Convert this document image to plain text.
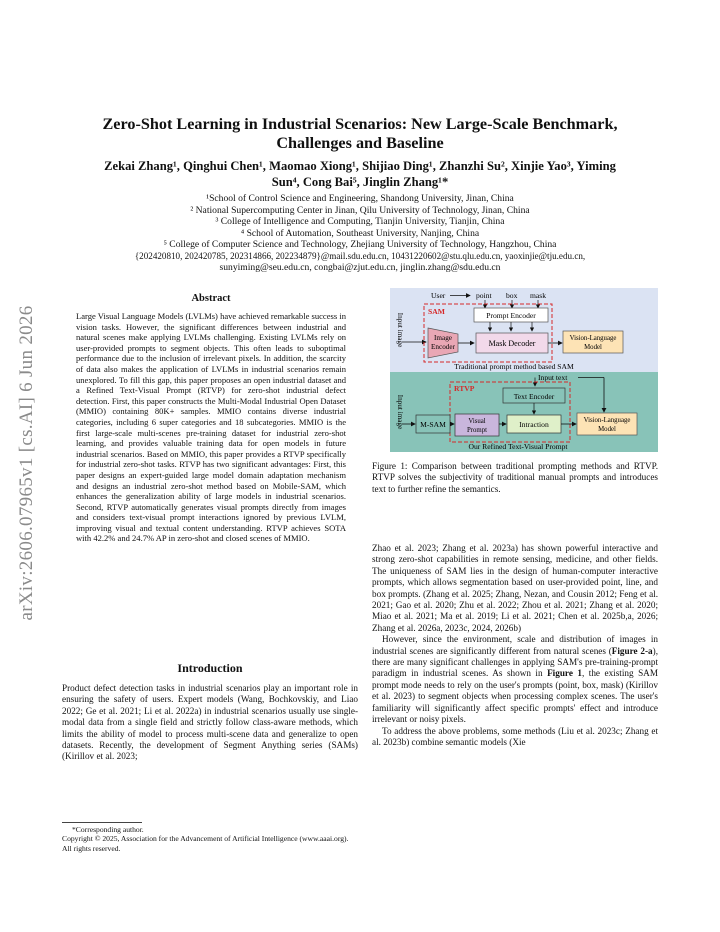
arXiv:2606.07965v1 [cs.AI] 6 Jun 2026
Zero-Shot Learning in Industrial Scenarios: New Large-Scale Benchmark,
Challenges and Baseline
Zekai Zhang¹, Qinghui Chen¹, Maomao Xiong¹, Shijiao Ding¹, Zhanzhi Su², Xinjie Yao³, Yiming
Sun⁴, Cong Bai⁵, Jinglin Zhang¹*
¹School of Control Science and Engineering, Shandong University, Jinan, China
² National Supercomputing Center in Jinan, Qilu University of Technology, Jinan, China
³ College of Intelligence and Computing, Tianjin University, Tianjin, China
⁴ School of Automation, Southeast University, Nanjing, China
⁵ College of Computer Science and Technology, Zhejiang University of Technology, Hangzhou, China
{202420810, 202420785, 202314866, 202234879}@mail.sdu.edu.cn, 10431220602@stu.qlu.edu.cn, yaoxinjie@tju.edu.cn,
sunyiming@seu.edu.cn, congbai@zjut.edu.cn, jinglin.zhang@sdu.edu.cn
Abstract
Large Visual Language Models (LVLMs) have achieved remarkable success in vision tasks. However, the significant differences between industrial and natural scenes make applying LVLMs challenging. Existing LVLMs rely on user-provided prompts to segment objects. This often leads to suboptimal performance due to the inclusion of irrelevant pixels. In addition, the scarcity of data also makes the application of LVLMs in industrial scenarios remain unexplored. To fill this gap, this paper proposes an open industrial dataset and a Refined Text-Visual Prompt (RTVP) for zero-shot industrial defect detection. First, this paper constructs the Multi-Modal Industrial Open Dataset (MMIO) containing 80K+ samples. MMIO contains diverse industrial categories, including 6 super categories and 18 subcategories. MMIO is the first large-scale multi-scenes pre-training dataset for industrial zero-shot learning, and provides valuable training data for open models in future industrial scenarios. Based on MMIO, this paper provides a RTVP specifically for industrial zero-shot tasks. RTVP has two significant advantages: First, this paper designs an expert-guided large model domain adaptation mechanism and designs an industrial zero-shot method based on Mobile-SAM, which enhances the generalization ability of large models in industrial scenarios. Second, RTVP automatically generates visual prompts directly from images and considers text-visual prompt interactions ignored by previous LVLM, improving visual and textual content understanding. RTVP achieves SOTA with 42.2% and 24.7% AP in zero-shot and closed scenes of MMIO.
Introduction

Product defect detection tasks in industrial scenarios play an important role in ensuring the safety of users. Expert models (Wang, Bochkovskiy, and Liao 2022; Ge et al. 2021; Li et al. 2022a) in industrial scenarios usually use single-modal data from a single field and strictly follow class-aware methods, which limits the ability of model to process multi-scene data and generalize to open datasets. Recently, the development of Segment Anything series (SAMs) (Kirillov et al. 2023;

*Corresponding author.
Copyright © 2025, Association for the Advancement of Artificial Intelligence (www.aaai.org). All rights reserved.
Input image
User	point box mask
SAM	Prompt Encoder
Image
Encoder	Mask Decoder
Vision-Language
Model
Traditional prompt method based SAM
Input image
Input text
RTVP
Text Encoder
M-SAM	Visual
Prompt
Intraction	Vision-Language
Model
Our Refined Text-Visual Prompt
Figure 1: Comparison between traditional prompting methods and RTVP. RTVP solves the subjectivity of traditional manual prompts and introduces text to further refine the semantics.

Zhao et al. 2023; Zhang et al. 2023a) has shown powerful interactive and strong zero-shot capabilities in remote sensing, medicine, and other fields. The uniqueness of SAM lies in the design of human-computer interactive prompts, which allows segmentation based on user-provided point, line, and box prompts. (Zhang et al. 2025; Zhang, Nezan, and Cousin 2012; Feng et al. 2021; Gao et al. 2020; Zhu et al. 2022; Zhou et al. 2021; Zhang et al. 2020; Miao et al. 2021; Ma et al. 2019; Li et al. 2021; Chen et al. 2025b,a, 2026; Zhang et al. 2026a, 2023c, 2024, 2026b)

However, since the environment, scale and distribution of images in industrial scenes are significantly different from natural scenes (Figure 2-a), there are many significant challenges in applying SAM's pre-training-prompt paradigm in industrial scenes. As shown in Figure 1, the existing SAM prompt mode needs to rely on the user's prompts (point, box, mask) (Kirillov et al. 2023) to segment objects when processing complex scenes. The user's familiarity will significantly affect specific prompts' effect and introduce irrelevant or noisy pixels.

To address the above problems, some methods (Liu et al. 2023c; Zhang et al. 2023b) combine semantic models (Xie
